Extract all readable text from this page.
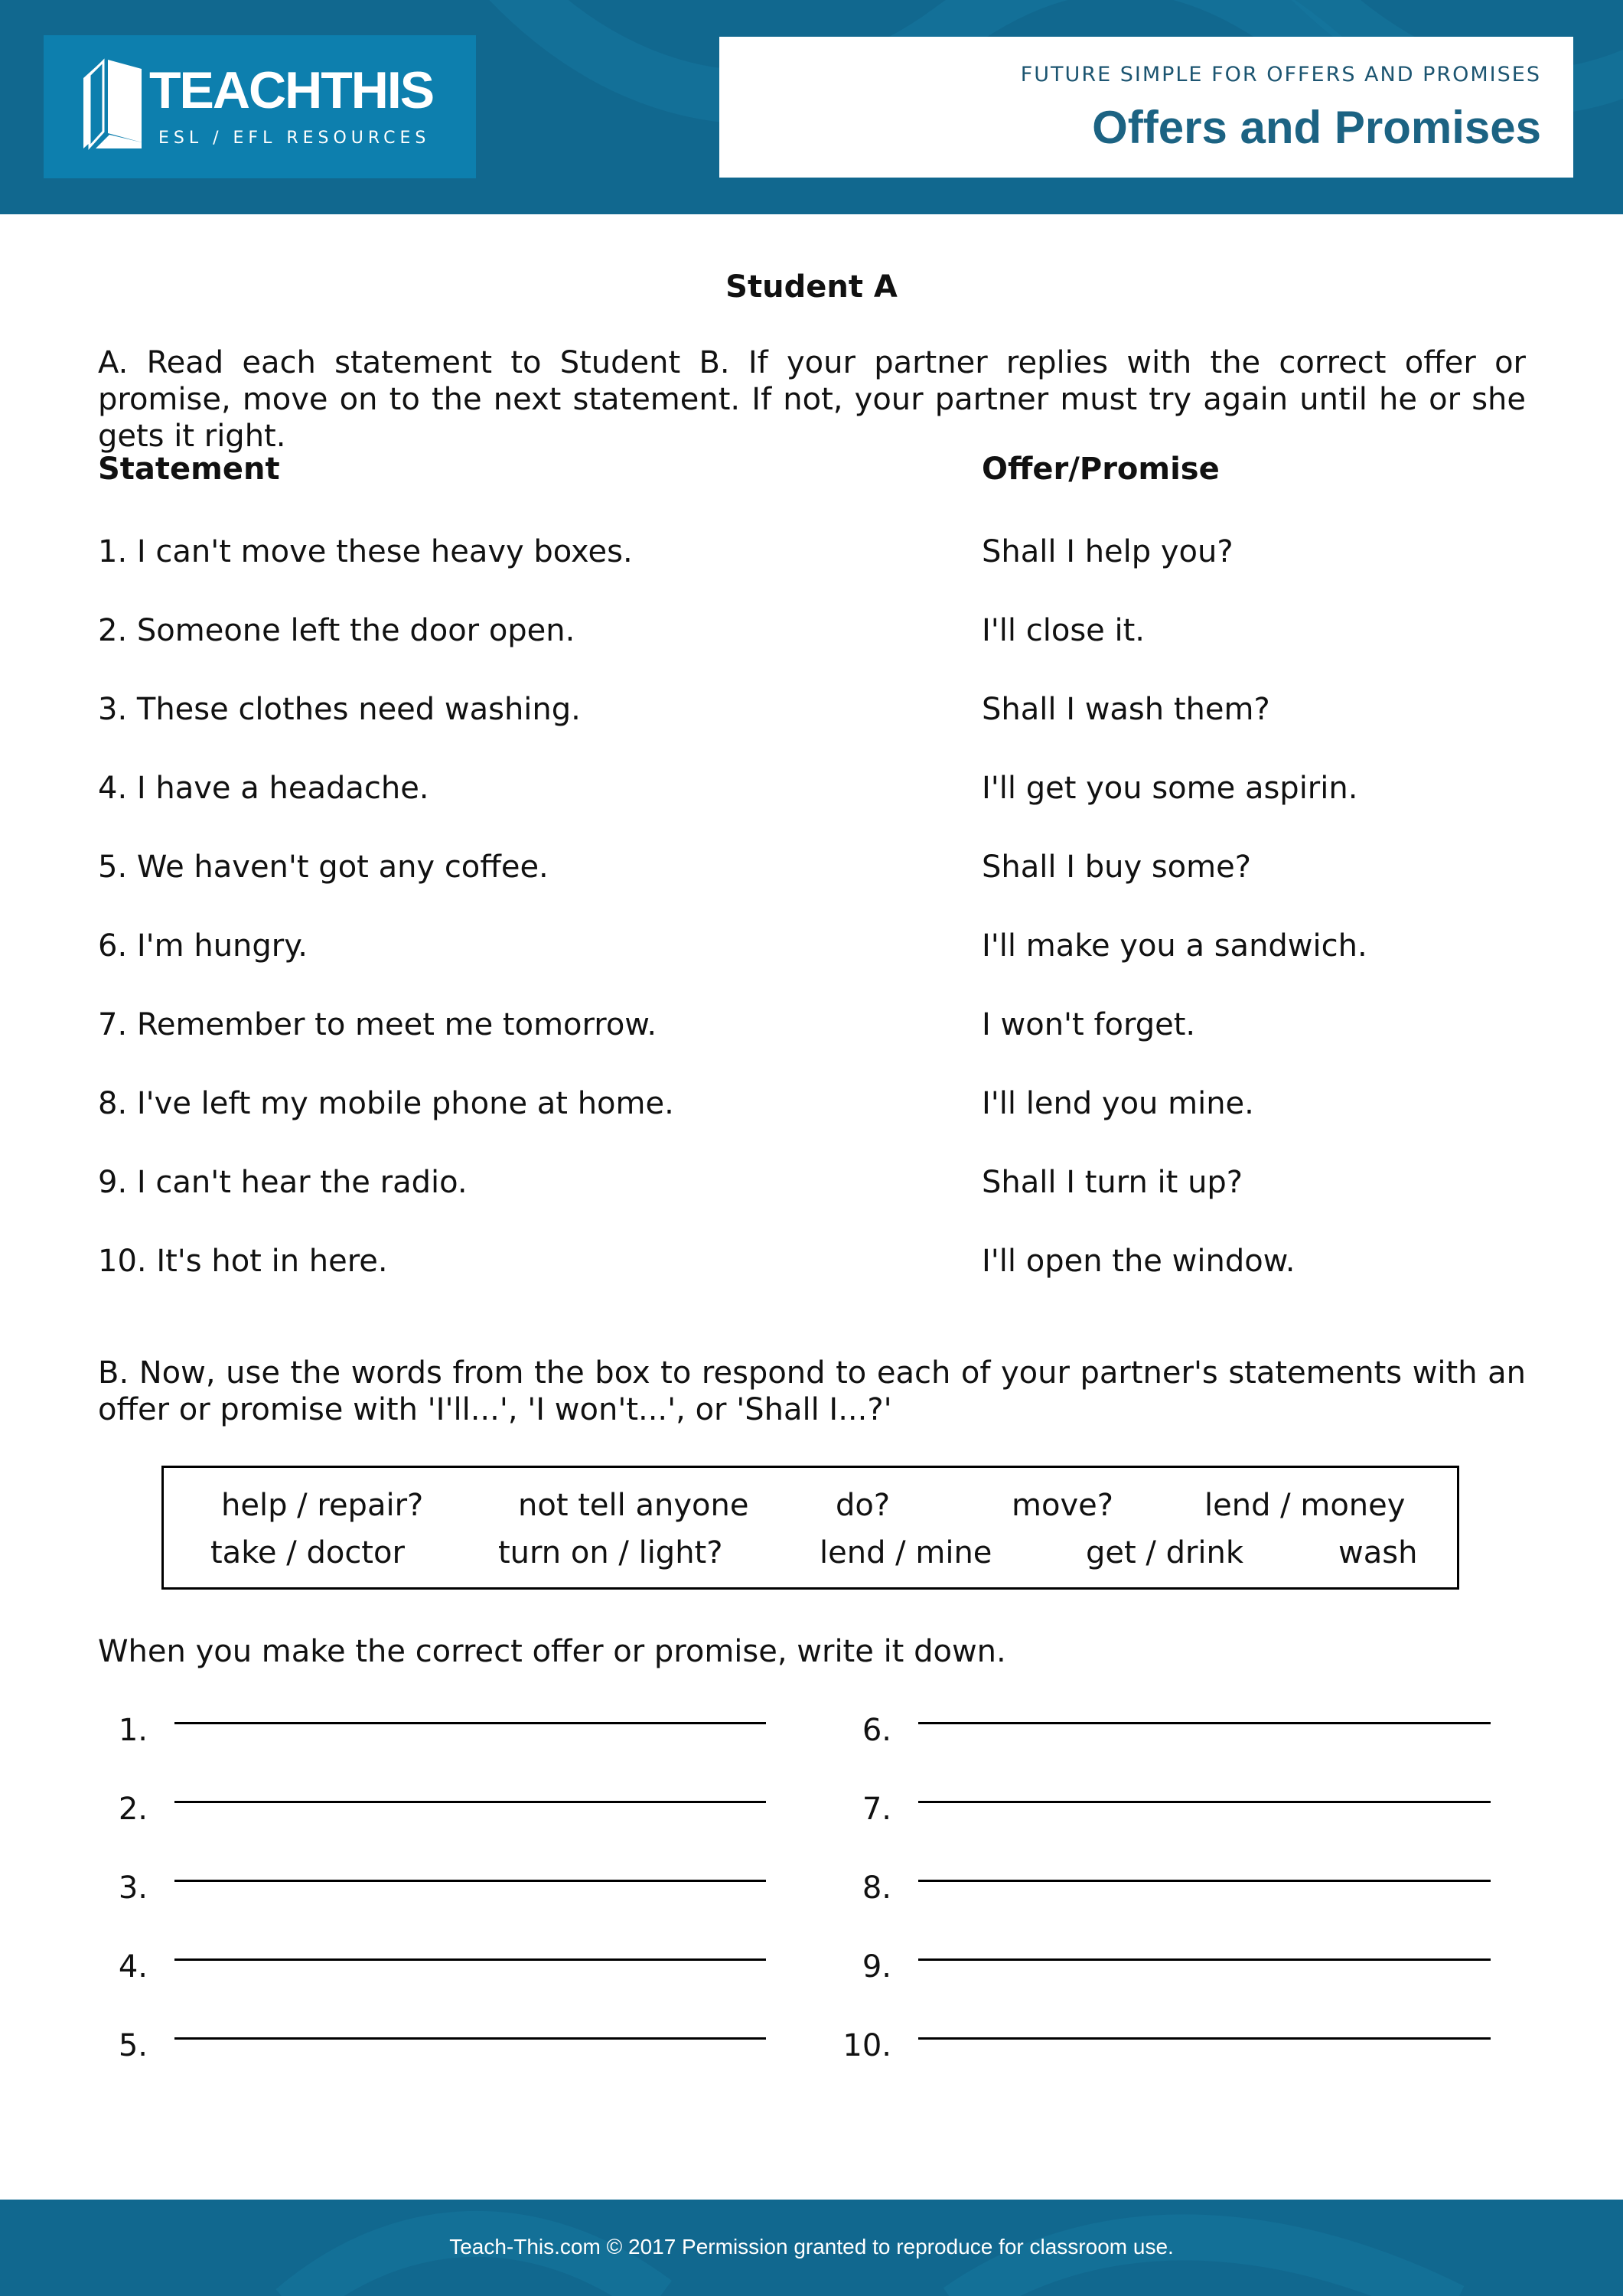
TEACHTHIS
ESL / EFL RESOURCES
FUTURE SIMPLE FOR OFFERS AND PROMISES
Offers and Promises
Student A
A. Read each statement to Student B. If your partner replies with the correct offer or promise, move on to the next statement. If not, your partner must try again until he or she gets it right.
Statement	Offer/Promise
1. I can't move these heavy boxes.	Shall I help you?
2. Someone left the door open.	I'll close it.
3. These clothes need washing.	Shall I wash them?
4. I have a headache.	I'll get you some aspirin.
5. We haven't got any coffee.	Shall I buy some?
6. I'm hungry.	I'll make you a sandwich.
7. Remember to meet me tomorrow.	I won't forget.
8. I've left my mobile phone at home.	I'll lend you mine.
9. I can't hear the radio.	Shall I turn it up?
10. It's hot in here.	I'll open the window.
B. Now, use the words from the box to respond to each of your partner's statements with an offer or promise with 'I'll...', 'I won't...', or 'Shall I...?'
help / repair?	not tell anyone	do?	move?	lend / money
take / doctor	turn on / light?	lend / mine	get / drink	wash
When you make the correct offer or promise, write it down.
1.
2.
3.
4.
5.
6.
7.
8.
9.
10.
Teach-This.com © 2017 Permission granted to reproduce for classroom use.
